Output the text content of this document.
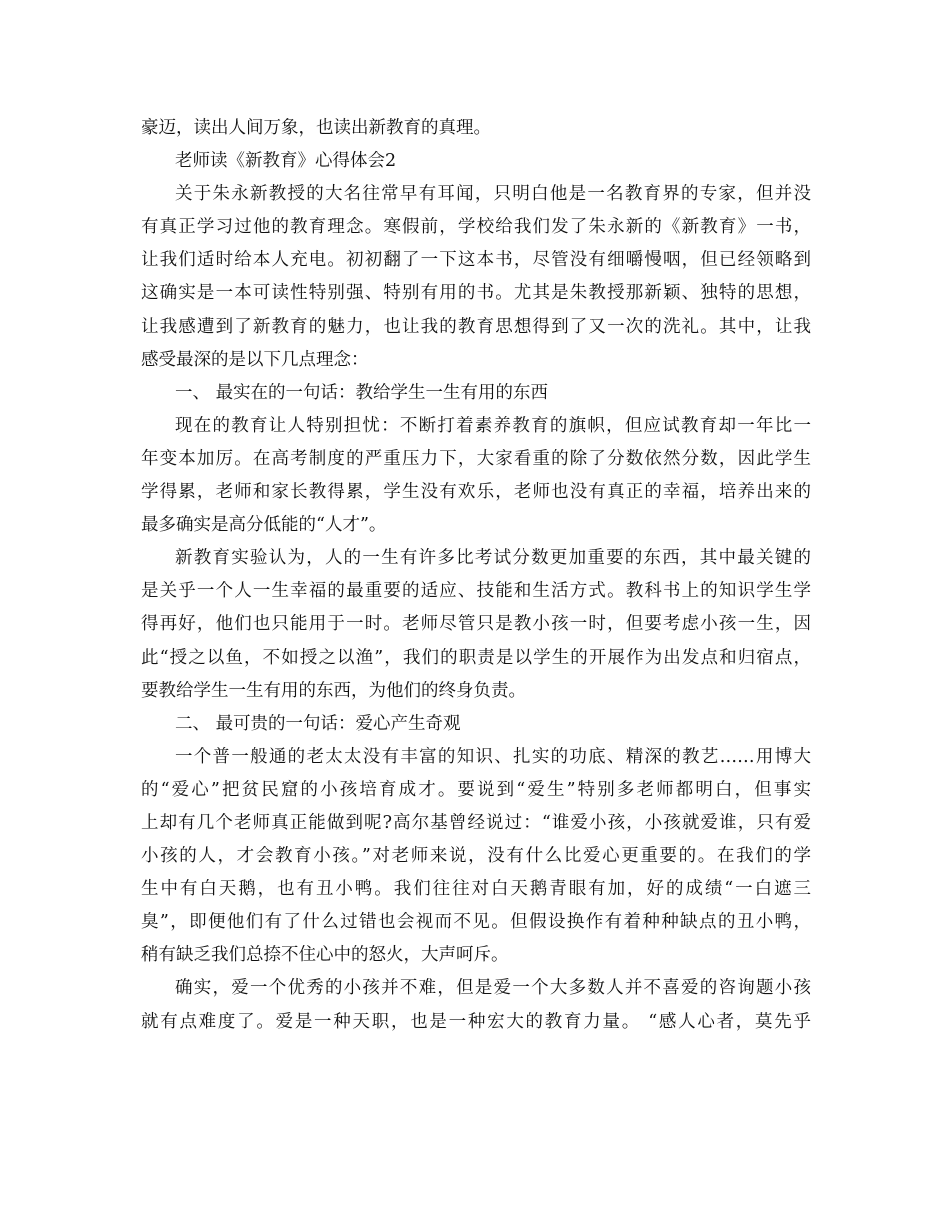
豪迈，读出人间万象，也读出新教育的真理。
老师读《新教育》心得体会2
关于朱永新教授的大名往常早有耳闻，只明白他是一名教育界的专家，但并没
有真正学习过他的教育理念。寒假前，学校给我们发了朱永新的《新教育》一书，
让我们适时给本人充电。初初翻了一下这本书，尽管没有细嚼慢咽，但已经领略到
这确实是一本可读性特别强、特别有用的书。尤其是朱教授那新颖、独特的思想，
让我感遭到了新教育的魅力，也让我的教育思想得到了又一次的洗礼。其中，让我
感受最深的是以下几点理念：
一、 最实在的一句话：教给学生一生有用的东西
现在的教育让人特别担忧：不断打着素养教育的旗帜，但应试教育却一年比一
年变本加厉。在高考制度的严重压力下，大家看重的除了分数依然分数，因此学生
学得累，老师和家长教得累，学生没有欢乐，老师也没有真正的幸福，培养出来的
最多确实是高分低能的“人才”。
新教育实验认为，人的一生有许多比考试分数更加重要的东西，其中最关键的
是关乎一个人一生幸福的最重要的适应、技能和生活方式。教科书上的知识学生学
得再好，他们也只能用于一时。老师尽管只是教小孩一时，但要考虑小孩一生，因
此“授之以鱼，不如授之以渔”，我们的职责是以学生的开展作为出发点和归宿点，
要教给学生一生有用的东西，为他们的终身负责。
二、 最可贵的一句话：爱心产生奇观
一个普一般通的老太太没有丰富的知识、扎实的功底、精深的教艺……用博大
的“爱心”把贫民窟的小孩培育成才。要说到“爱生”特别多老师都明白，但事实
上却有几个老师真正能做到呢?高尔基曾经说过：“谁爱小孩，小孩就爱谁，只有爱
小孩的人，才会教育小孩。”对老师来说，没有什么比爱心更重要的。在我们的学
生中有白天鹅，也有丑小鸭。我们往往对白天鹅青眼有加，好的成绩“一白遮三
臭”，即便他们有了什么过错也会视而不见。但假设换作有着种种缺点的丑小鸭，
稍有缺乏我们总捺不住心中的怒火，大声呵斥。
确实，爱一个优秀的小孩并不难，但是爱一个大多数人并不喜爱的咨询题小孩
就有点难度了。爱是一种天职，也是一种宏大的教育力量。 “感人心者，莫先乎
